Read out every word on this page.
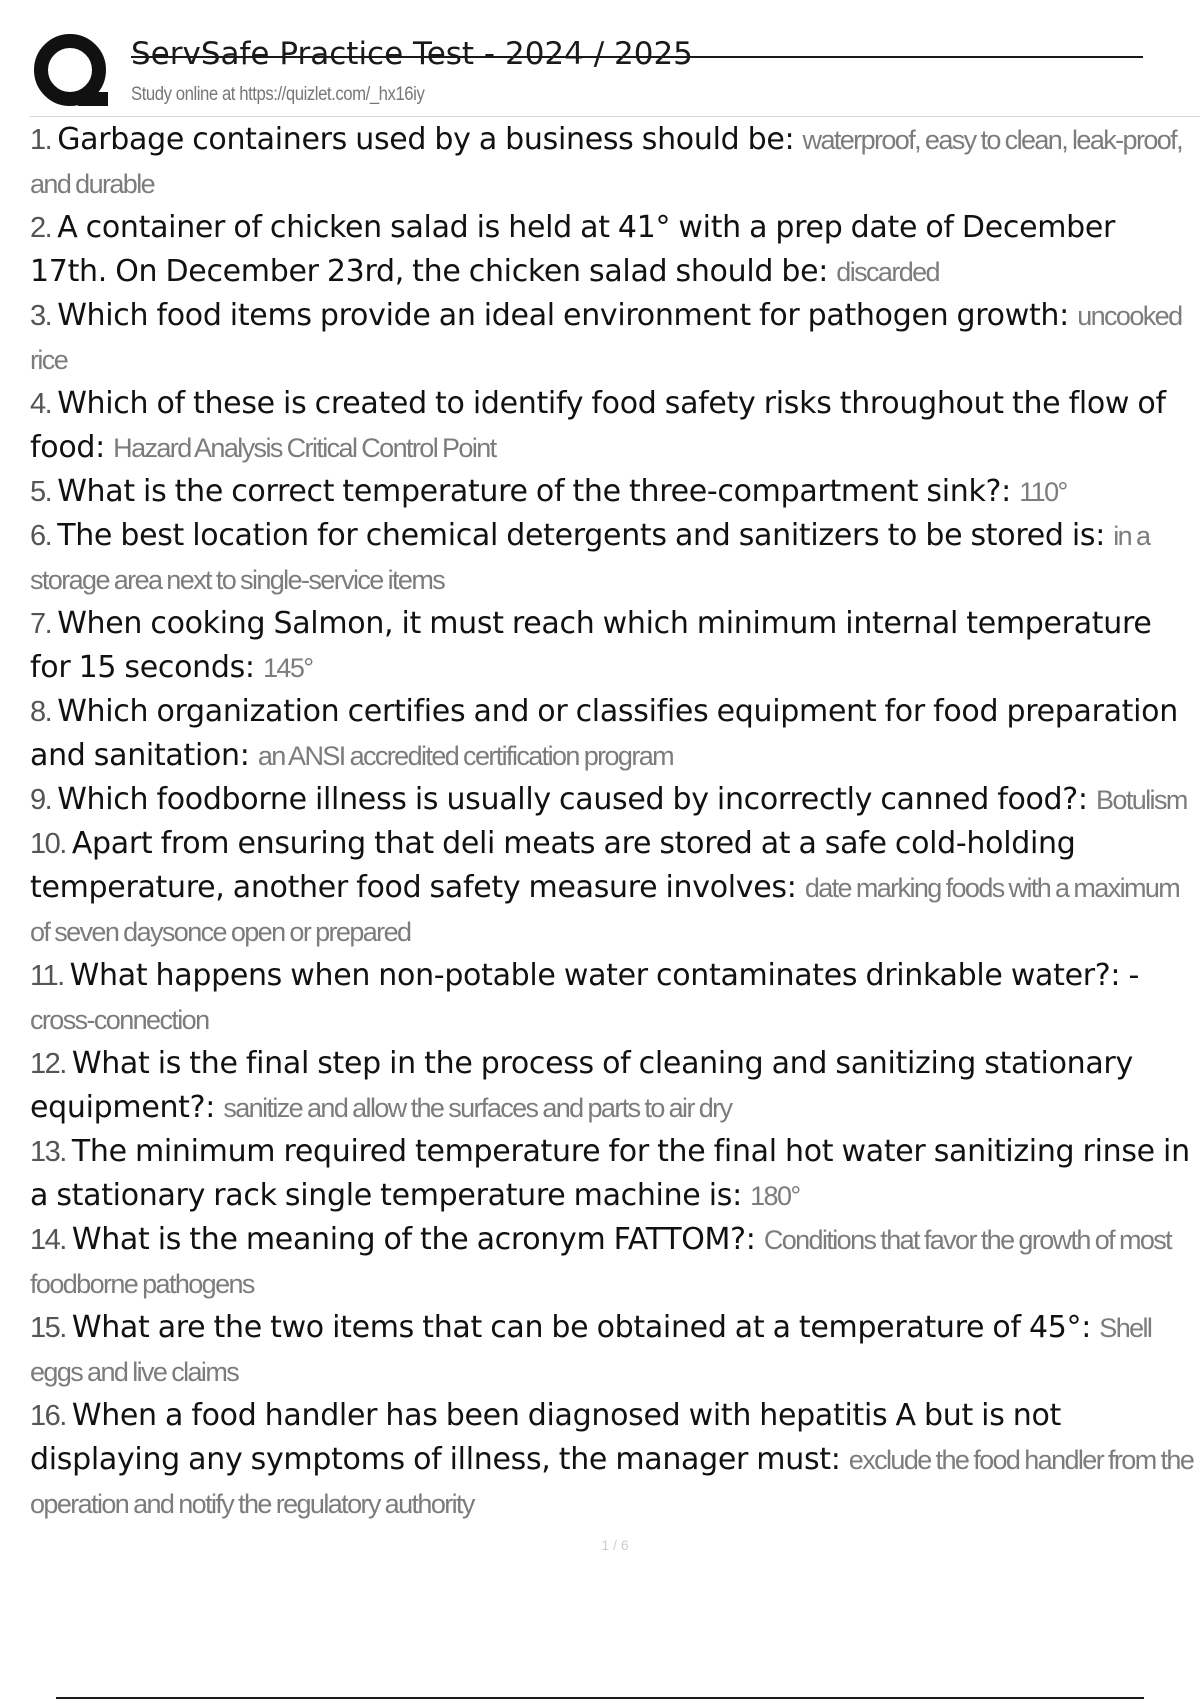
ServSafe Practice Test - 2024 / 2025
Study online at https://quizlet.com/_hx16iy
1. Garbage containers used by a business should be: waterproof, easy to clean, leak-proof, and durable
2. A container of chicken salad is held at 41° with a prep date of December 17th. On December 23rd, the chicken salad should be: discarded
3. Which food items provide an ideal environment for pathogen growth: uncooked rice
4. Which of these is created to identify food safety risks throughout the flow of food: Hazard Analysis Critical Control Point
5. What is the correct temperature of the three-compartment sink?: 110°
6. The best location for chemical detergents and sanitizers to be stored is: in a storage area next to single-service items
7. When cooking Salmon, it must reach which minimum internal temperature for 15 seconds: 145°
8. Which organization certifies and or classifies equipment for food preparation and sanitation: an ANSI accredited certification program
9. Which foodborne illness is usually caused by incorrectly canned food?: Botulism
10. Apart from ensuring that deli meats are stored at a safe cold-holding temperature, another food safety measure involves: date marking foods with a maximum of seven daysonce open or prepared
11. What happens when non-potable water contaminates drinkable water?: - cross-connection
12. What is the final step in the process of cleaning and sanitizing stationary equipment?: sanitize and allow the surfaces and parts to air dry
13. The minimum required temperature for the final hot water sanitizing rinse in a stationary rack single temperature machine is: 180°
14. What is the meaning of the acronym FATTOM?: Conditions that favor the growth of most foodborne pathogens
15. What are the two items that can be obtained at a temperature of 45°: Shell eggs and live claims
16. When a food handler has been diagnosed with hepatitis A but is not displaying any symptoms of illness, the manager must: exclude the food handler from the operation and notify the regulatory authority
1 / 6
